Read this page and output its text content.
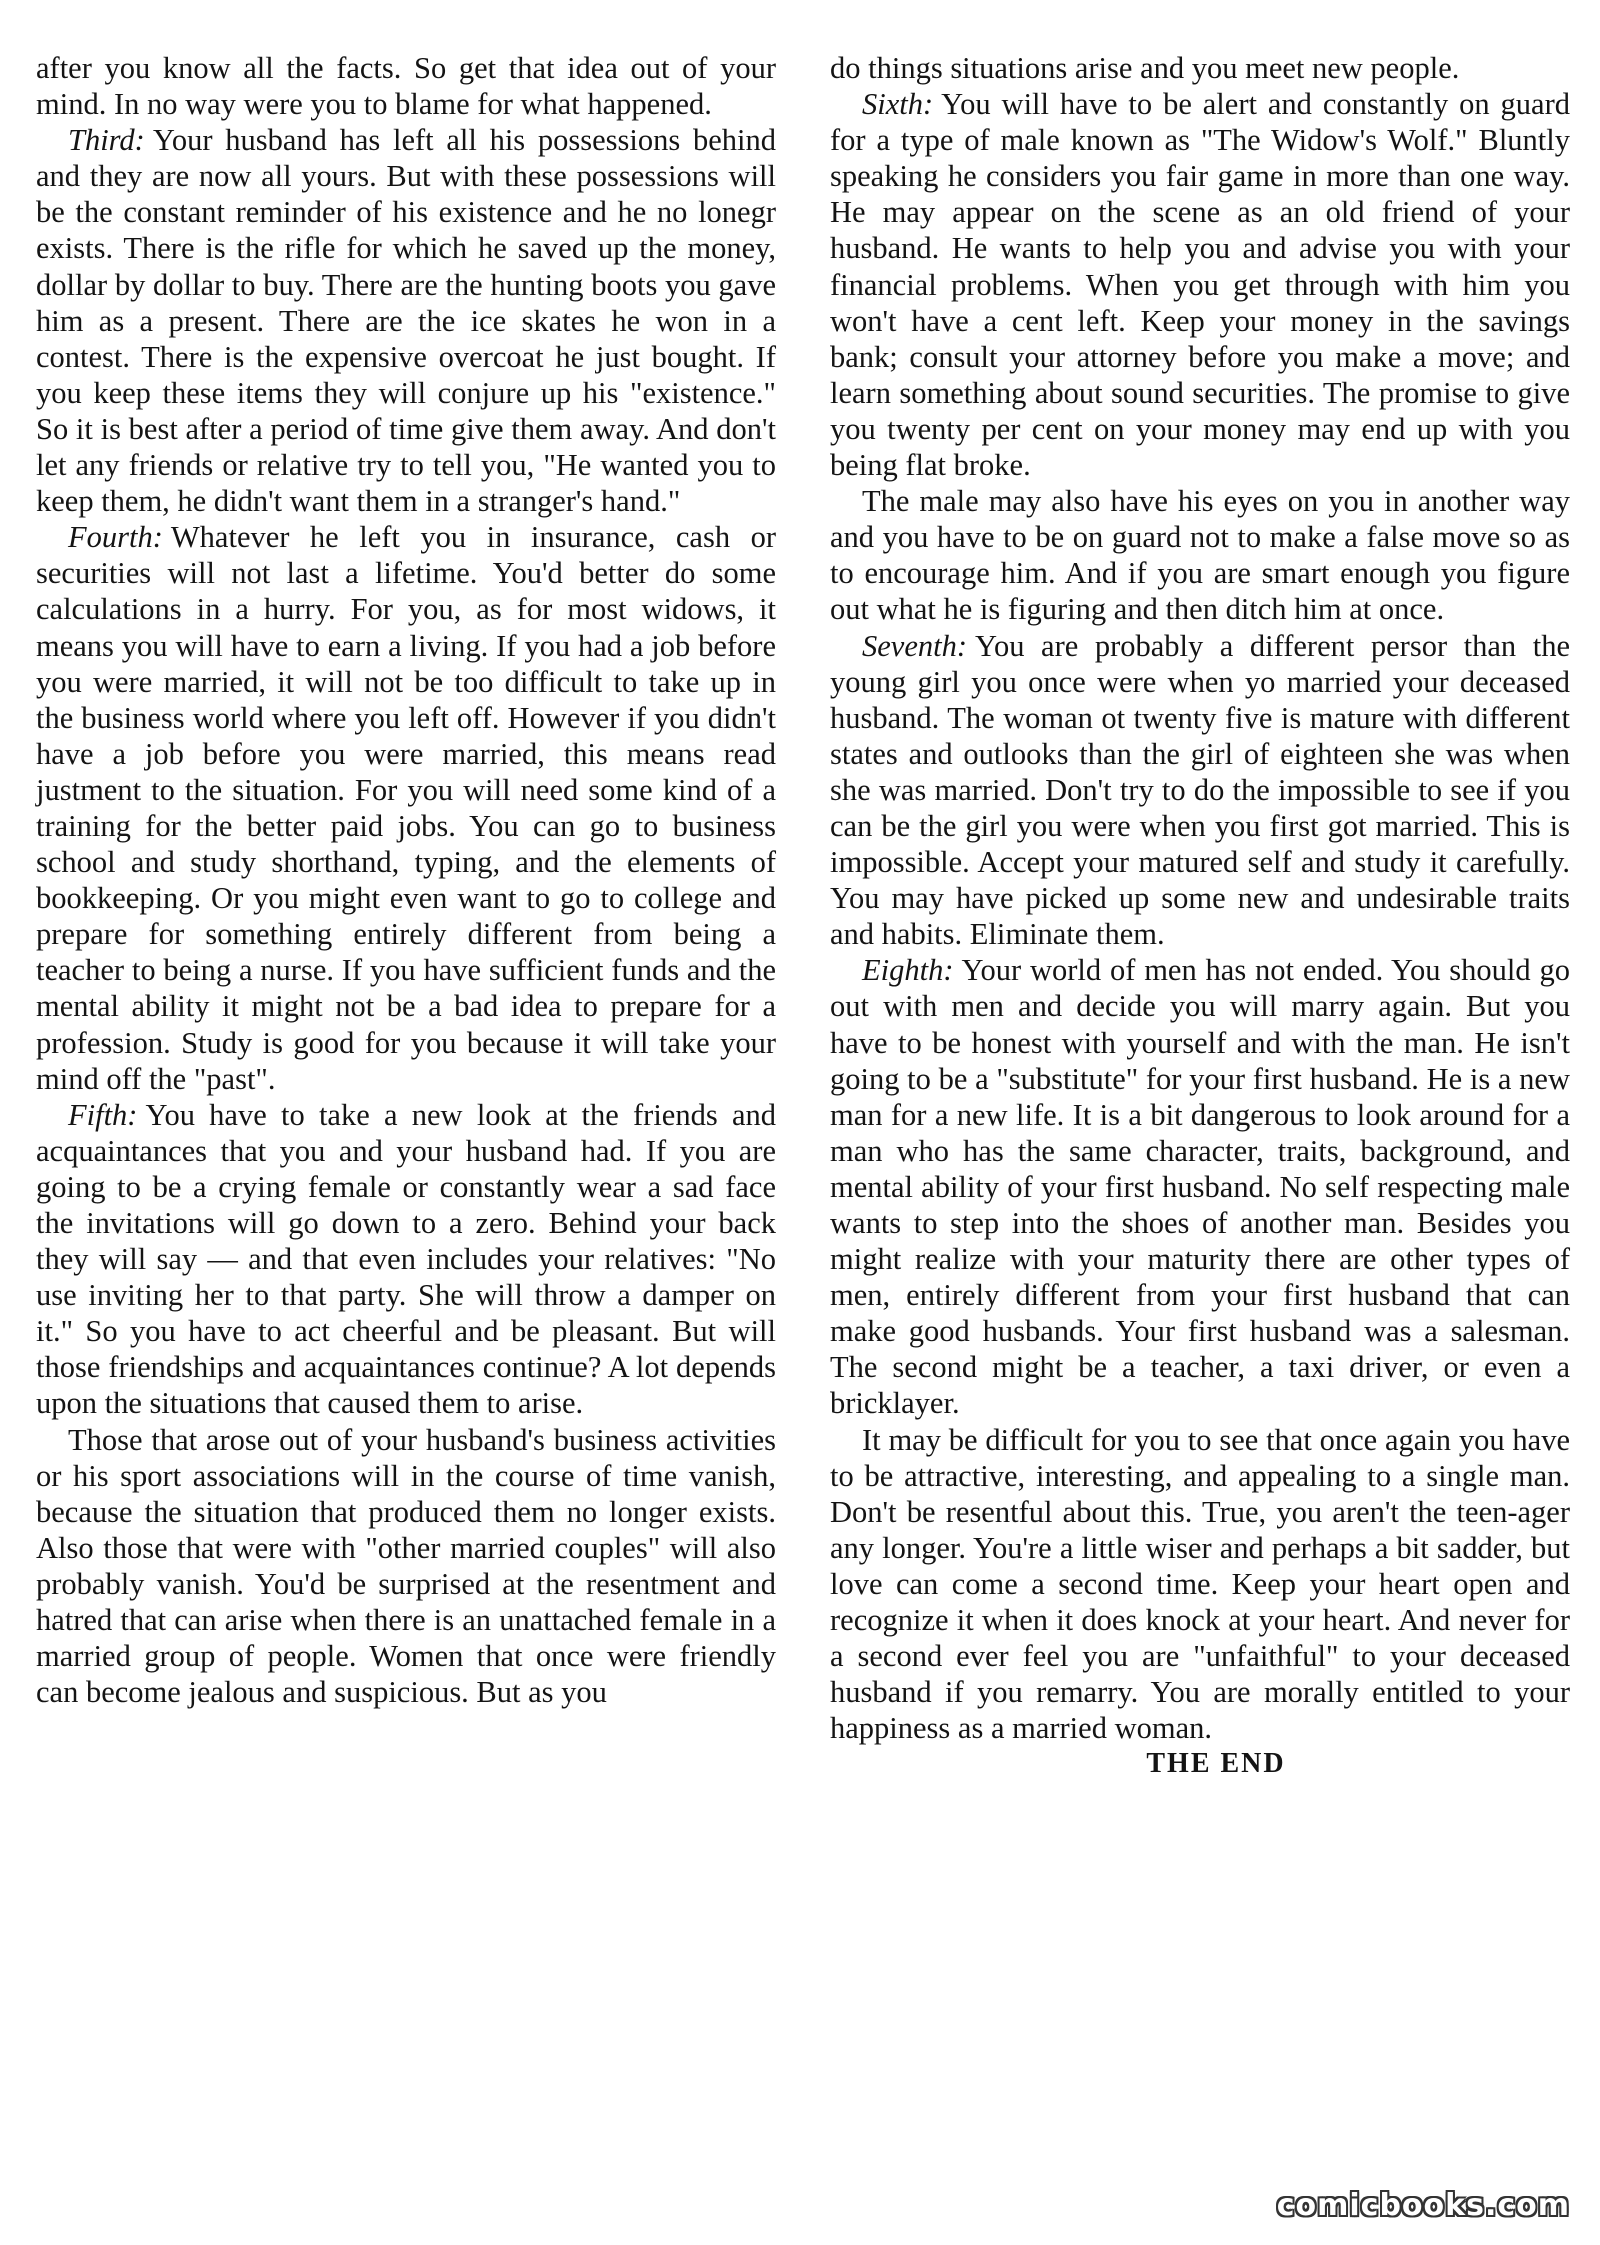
after you know all the facts. So get that idea out of your mind. In no way were you to blame for what happened.

Third: Your husband has left all his possessions behind and they are now all yours. But with these possessions will be the constant reminder of his existence and he no lonegr exists. There is the rifle for which he saved up the money, dollar by dollar to buy. There are the hunting boots you gave him as a present. There are the ice skates he won in a contest. There is the expensive overcoat he just bought. If you keep these items they will conjure up his "existence." So it is best after a period of time give them away. And don't let any friends or relative try to tell you, "He wanted you to keep them, he didn't want them in a stranger's hand."

Fourth: Whatever he left you in insurance, cash or securities will not last a lifetime. You'd better do some calculations in a hurry. For you, as for most widows, it means you will have to earn a living. If you had a job before you were married, it will not be too difficult to take up in the business world where you left off. However if you didn't have a job before you were married, this means read justment to the situation. For you will need some kind of a training for the better paid jobs. You can go to business school and study shorthand, typing, and the elements of bookkeeping. Or you might even want to go to college and prepare for something entirely different from being a teacher to being a nurse. If you have sufficient funds and the mental ability it might not be a bad idea to prepare for a profession. Study is good for you because it will take your mind off the "past".

Fifth: You have to take a new look at the friends and acquaintances that you and your husband had. If you are going to be a crying female or constantly wear a sad face the invitations will go down to a zero. Behind your back they will say — and that even includes your relatives: "No use inviting her to that party. She will throw a damper on it." So you have to act cheerful and be pleasant. But will those friendships and acquaintances continue? A lot depends upon the situations that caused them to arise.

Those that arose out of your husband's business activities or his sport associations will in the course of time vanish, because the situation that produced them no longer exists. Also those that were with "other married couples" will also probably vanish. You'd be surprised at the resentment and hatred that can arise when there is an unattached female in a married group of people. Women that once were friendly can become jealous and suspicious. But as you

do things situations arise and you meet new people.

Sixth: You will have to be alert and constantly on guard for a type of male known as "The Widow's Wolf." Bluntly speaking he considers you fair game in more than one way. He may appear on the scene as an old friend of your husband. He wants to help you and advise you with your financial problems. When you get through with him you won't have a cent left. Keep your money in the savings bank; consult your attorney before you make a move; and learn something about sound securities. The promise to give you twenty per cent on your money may end up with you being flat broke.

The male may also have his eyes on you in another way and you have to be on guard not to make a false move so as to encourage him. And if you are smart enough you figure out what he is figuring and then ditch him at once.

Seventh: You are probably a different persor than the young girl you once were when yo married your deceased husband. The woman ot twenty five is mature with different states and outlooks than the girl of eighteen she was when she was married. Don't try to do the impossible to see if you can be the girl you were when you first got married. This is impossible. Accept your matured self and study it carefully. You may have picked up some new and undesirable traits and habits. Eliminate them.

Eighth: Your world of men has not ended. You should go out with men and decide you will marry again. But you have to be honest with yourself and with the man. He isn't going to be a "substitute" for your first husband. He is a new man for a new life. It is a bit dangerous to look around for a man who has the same character, traits, background, and mental ability of your first husband. No self respecting male wants to step into the shoes of another man. Besides you might realize with your maturity there are other types of men, entirely different from your first husband that can make good husbands. Your first husband was a salesman. The second might be a teacher, a taxi driver, or even a bricklayer.

It may be difficult for you to see that once again you have to be attractive, interesting, and appealing to a single man. Don't be resentful about this. True, you aren't the teen-ager any longer. You're a little wiser and perhaps a bit sadder, but love can come a second time. Keep your heart open and recognize it when it does knock at your heart. And never for a second ever feel you are "unfaithful" to your deceased husband if you remarry. You are morally entitled to your happiness as a married woman.

THE END

comicbooks.com
